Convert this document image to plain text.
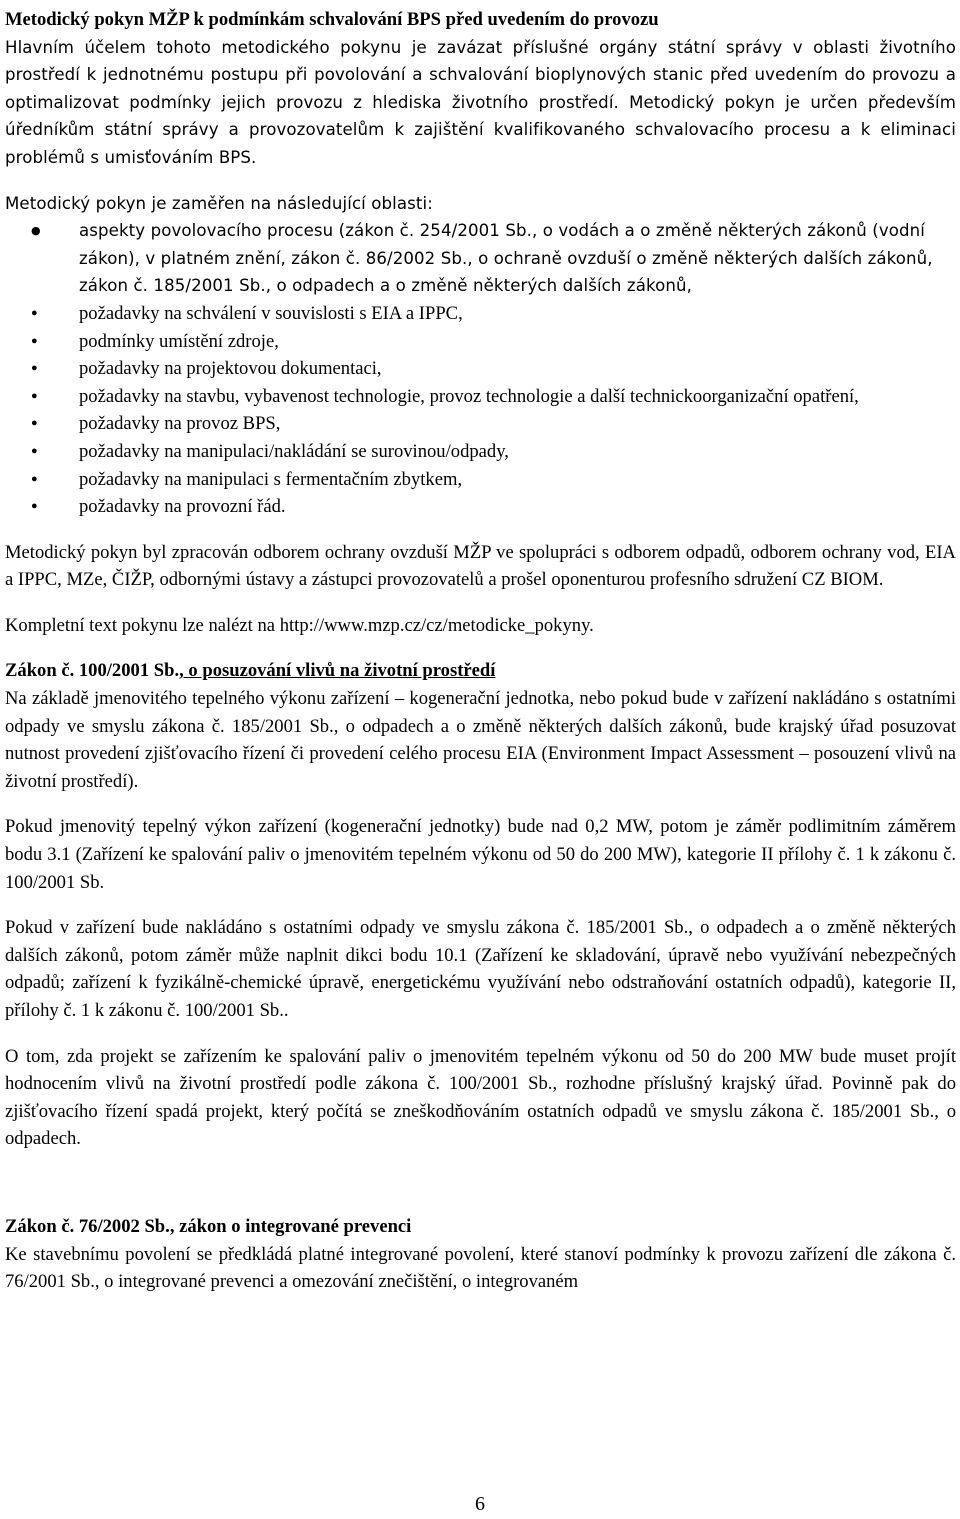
Metodický pokyn MŽP k podmínkám schvalování BPS před uvedením do provozu

Hlavním účelem tohoto metodického pokynu je zavázat příslušné orgány státní správy v oblasti životního prostředí k jednotnému postupu při povolování a schvalování bioplynových stanic před uvedením do provozu a optimalizovat podmínky jejich provozu z hlediska životního prostředí. Metodický pokyn je určen především úředníkům státní správy a provozovatelům k zajištění kvalifikovaného schvalovacího procesu a k eliminaci problémů s umisťováním BPS.

Metodický pokyn je zaměřen na následující oblasti:
● aspekty povolovacího procesu (zákon č. 254/2001 Sb., o vodách a o změně některých zákonů (vodní zákon), v platném znění, zákon č. 86/2002 Sb., o ochraně ovzduší o změně některých dalších zákonů, zákon č. 185/2001 Sb., o odpadech a o změně některých dalších zákonů,
● požadavky na schválení v souvislosti s EIA a IPPC,
● podmínky umístění zdroje,
● požadavky na projektovou dokumentaci,
● požadavky na stavbu, vybavenost technologie, provoz technologie a další technickoorganizační opatření,
● požadavky na provoz BPS,
● požadavky na manipulaci/nakládání se surovinou/odpady,
● požadavky na manipulaci s fermentačním zbytkem,
● požadavky na provozní řád.

Metodický pokyn byl zpracován odborem ochrany ovzduší MŽP ve spolupráci s odborem odpadů, odborem ochrany vod, EIA a IPPC, MZe, ČIŽP, odbornými ústavy a zástupci provozovatelů a prošel oponenturou profesního sdružení CZ BIOM.

Kompletní text pokynu lze nalézt na http://www.mzp.cz/cz/metodicke_pokyny.

Zákon č. 100/2001 Sb., o posuzování vlivů na životní prostředí

Na základě jmenovitého tepelného výkonu zařízení – kogenerační jednotka, nebo pokud bude v zařízení nakládáno s ostatními odpady ve smyslu zákona č. 185/2001 Sb., o odpadech a o změně některých dalších zákonů, bude krajský úřad posuzovat nutnost provedení zjišťovacího řízení či provedení celého procesu EIA (Environment Impact Assessment – posouzení vlivů na životní prostředí).

Pokud jmenovitý tepelný výkon zařízení (kogenerační jednotky) bude nad 0,2 MW, potom je záměr podlimitním záměrem bodu 3.1 (Zařízení ke spalování paliv o jmenovitém tepelném výkonu od 50 do 200 MW), kategorie II přílohy č. 1 k zákonu č. 100/2001 Sb.

Pokud v zařízení bude nakládáno s ostatními odpady ve smyslu zákona č. 185/2001 Sb., o odpadech a o změně některých dalších zákonů, potom záměr může naplnit dikci bodu 10.1 (Zařízení ke skladování, úpravě nebo využívání nebezpečných odpadů; zařízení k fyzikálně-chemické úpravě, energetickému využívání nebo odstraňování ostatních odpadů), kategorie II, přílohy č. 1 k zákonu č. 100/2001 Sb..

O tom, zda projekt se zařízením ke spalování paliv o jmenovitém tepelném výkonu od 50 do 200 MW bude muset projít hodnocením vlivů na životní prostředí podle zákona č. 100/2001 Sb., rozhodne příslušný krajský úřad. Povinně pak do zjišťovacího řízení spadá projekt, který počítá se zneškodňováním ostatních odpadů ve smyslu zákona č. 185/2001 Sb., o odpadech.

Zákon č. 76/2002 Sb., zákon o integrované prevenci

Ke stavebnímu povolení se předkládá platné integrované povolení, které stanoví podmínky k provozu zařízení dle zákona č. 76/2001 Sb., o integrované prevenci a omezování znečištění, o integrovaném

6
